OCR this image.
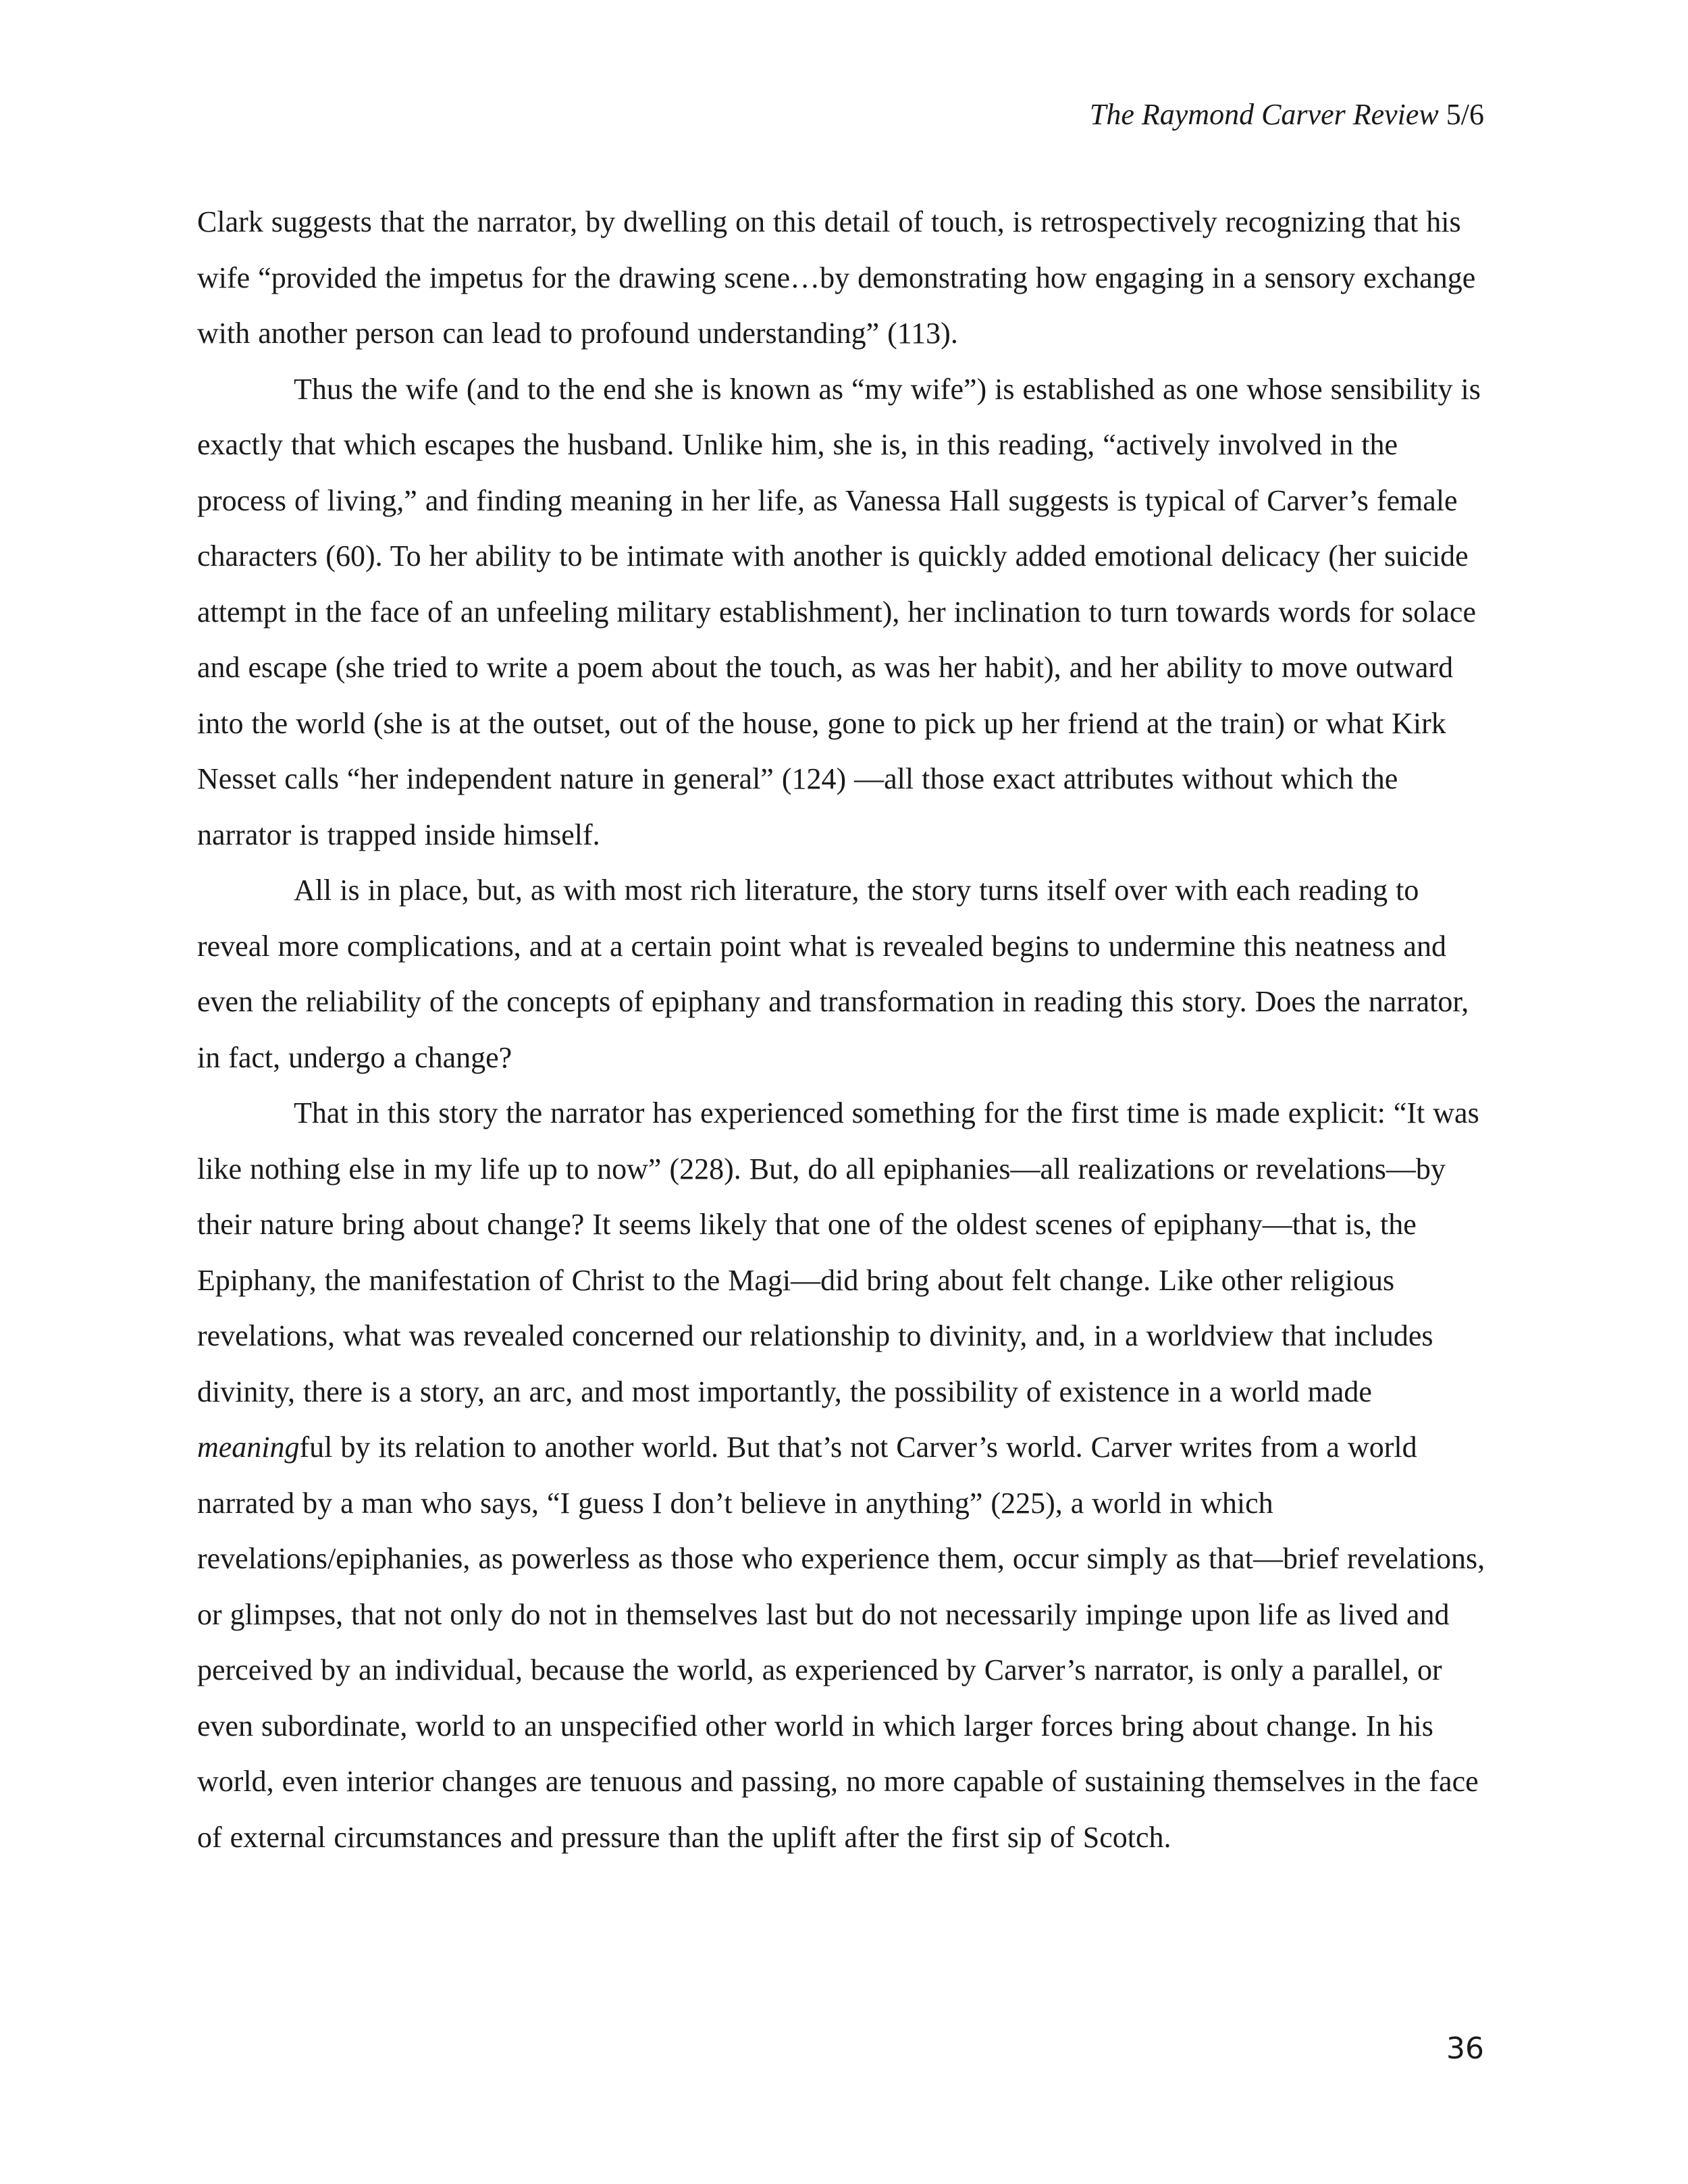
The Raymond Carver Review 5/6

Clark suggests that the narrator, by dwelling on this detail of touch, is retrospectively recognizing that his wife “provided the impetus for the drawing scene…by demonstrating how engaging in a sensory exchange with another person can lead to profound understanding” (113).

Thus the wife (and to the end she is known as “my wife”) is established as one whose sensibility is exactly that which escapes the husband. Unlike him, she is, in this reading, “actively involved in the process of living,” and finding meaning in her life, as Vanessa Hall suggests is typical of Carver’s female characters (60). To her ability to be intimate with another is quickly added emotional delicacy (her suicide attempt in the face of an unfeeling military establishment), her inclination to turn towards words for solace and escape (she tried to write a poem about the touch, as was her habit), and her ability to move outward into the world (she is at the outset, out of the house, gone to pick up her friend at the train) or what Kirk Nesset calls “her independent nature in general” (124) —all those exact attributes without which the narrator is trapped inside himself.

All is in place, but, as with most rich literature, the story turns itself over with each reading to reveal more complications, and at a certain point what is revealed begins to undermine this neatness and even the reliability of the concepts of epiphany and transformation in reading this story. Does the narrator, in fact, undergo a change?

That in this story the narrator has experienced something for the first time is made explicit: “It was like nothing else in my life up to now” (228). But, do all epiphanies—all realizations or revelations—by their nature bring about change? It seems likely that one of the oldest scenes of epiphany—that is, the Epiphany, the manifestation of Christ to the Magi—did bring about felt change. Like other religious revelations, what was revealed concerned our relationship to divinity, and, in a worldview that includes divinity, there is a story, an arc, and most importantly, the possibility of existence in a world made meaningful by its relation to another world. But that’s not Carver’s world. Carver writes from a world narrated by a man who says, “I guess I don’t believe in anything” (225), a world in which revelations/epiphanies, as powerless as those who experience them, occur simply as that—brief revelations, or glimpses, that not only do not in themselves last but do not necessarily impinge upon life as lived and perceived by an individual, because the world, as experienced by Carver’s narrator, is only a parallel, or even subordinate, world to an unspecified other world in which larger forces bring about change. In his world, even interior changes are tenuous and passing, no more capable of sustaining themselves in the face of external circumstances and pressure than the uplift after the first sip of Scotch.

36
